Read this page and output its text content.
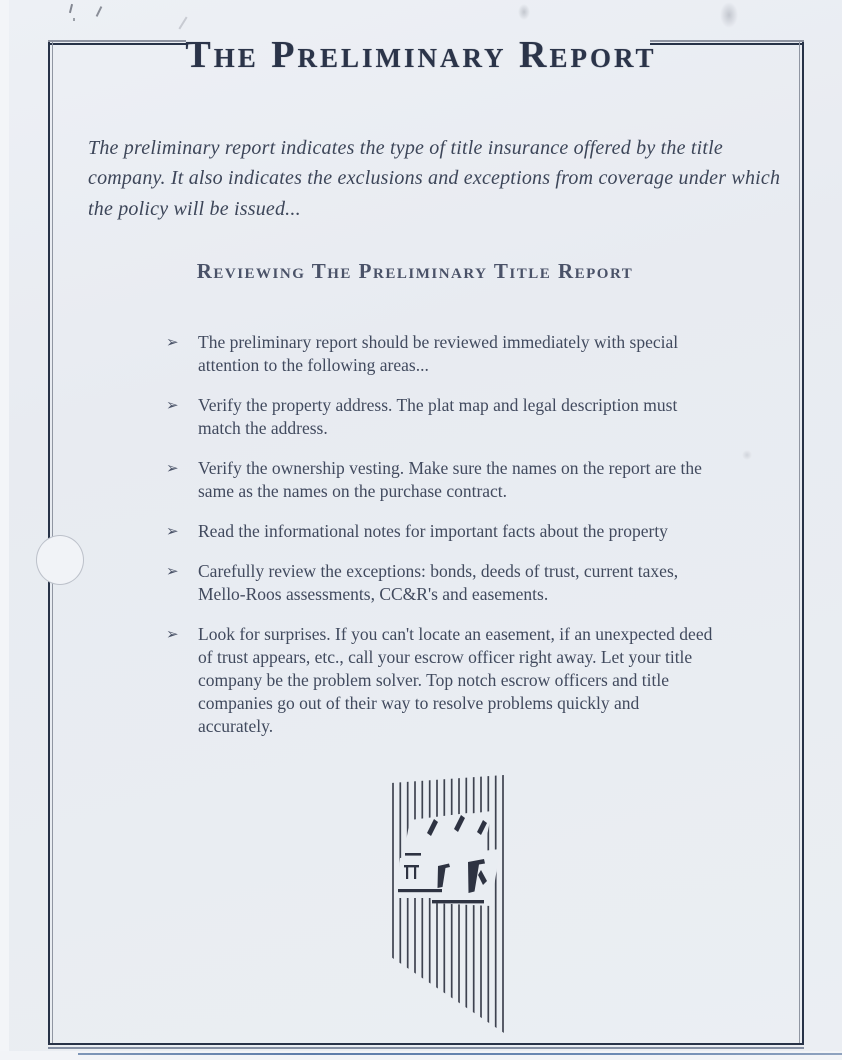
The Preliminary Report

The preliminary report indicates the type of title insurance offered by the title company. It also indicates the exclusions and exceptions from coverage under which the policy will be issued...

Reviewing The Preliminary Title Report
➢	The preliminary report should be reviewed immediately with special attention to the following areas...
➢	Verify the property address. The plat map and legal description must match the address.
➢	Verify the ownership vesting. Make sure the names on the report are the same as the names on the purchase contract.
➢	Read the informational notes for important facts about the property
➢	Carefully review the exceptions: bonds, deeds of trust, current taxes, Mello-Roos assessments, CC&R's and easements.
➢	Look for surprises. If you can't locate an easement, if an unexpected deed of trust appears, etc., call your escrow officer right away. Let your title company be the problem solver. Top notch escrow officers and title companies go out of their way to resolve problems quickly and accurately.
